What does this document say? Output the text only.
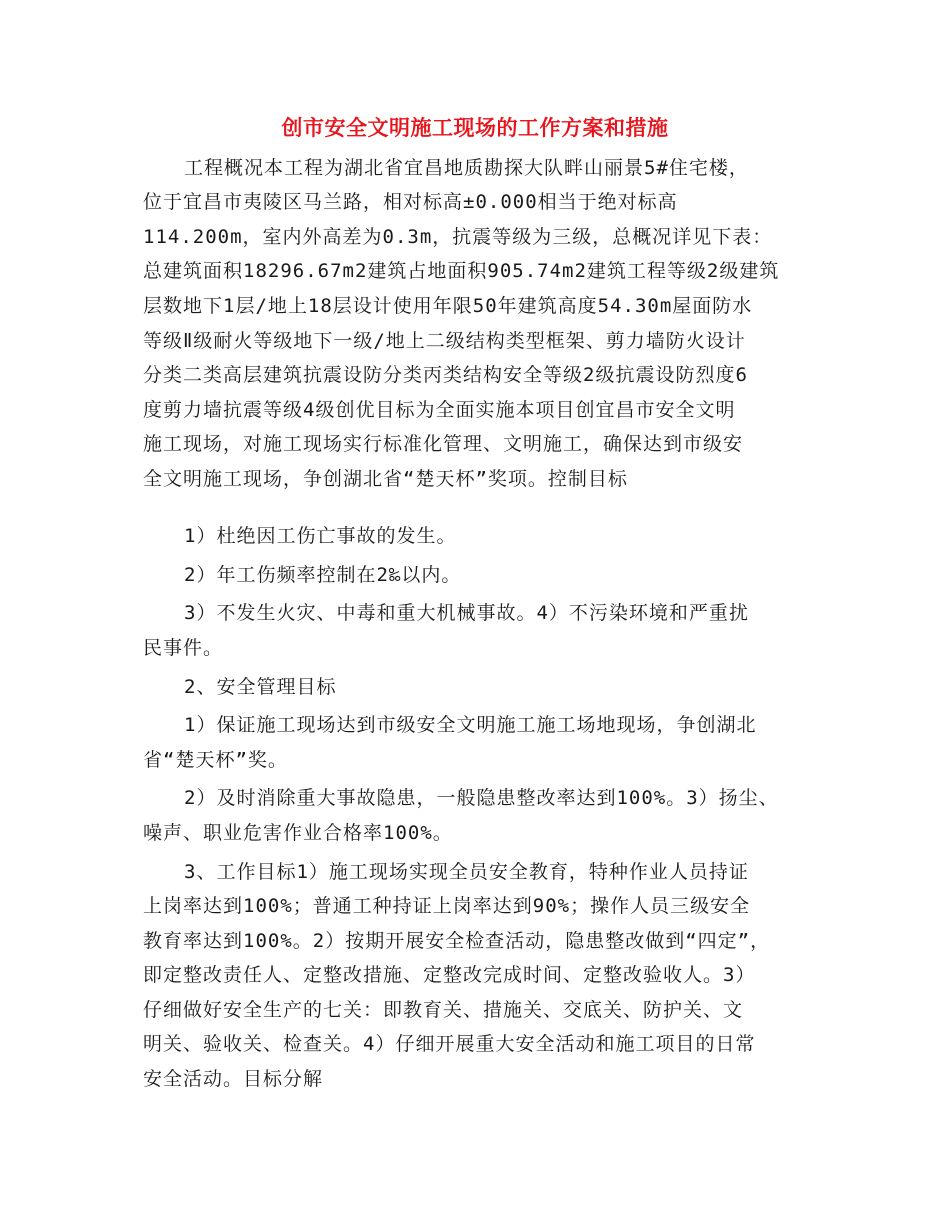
创市安全文明施工现场的工作方案和措施
工程概况本工程为湖北省宜昌地质勘探大队畔山丽景5#住宅楼，
位于宜昌市夷陵区马兰路，相对标高±0.000相当于绝对标高
114.200m，室内外高差为0.3m，抗震等级为三级，总概况详见下表：
总建筑面积18296.67m2建筑占地面积905.74m2建筑工程等级2级建筑
层数地下1层/地上18层设计使用年限50年建筑高度54.30m屋面防水
等级Ⅱ级耐火等级地下一级/地上二级结构类型框架、剪力墙防火设计
分类二类高层建筑抗震设防分类丙类结构安全等级2级抗震设防烈度6
度剪力墙抗震等级4级创优目标为全面实施本项目创宜昌市安全文明
施工现场，对施工现场实行标准化管理、文明施工，确保达到市级安
全文明施工现场，争创湖北省“楚天杯”奖项。控制目标
1）杜绝因工伤亡事故的发生。
2）年工伤频率控制在2‰以内。
3）不发生火灾、中毒和重大机械事故。4）不污染环境和严重扰
民事件。
2、安全管理目标
1）保证施工现场达到市级安全文明施工施工场地现场，争创湖北
省“楚天杯”奖。
2）及时消除重大事故隐患，一般隐患整改率达到100%。3）扬尘、
噪声、职业危害作业合格率100%。
3、工作目标1）施工现场实现全员安全教育，特种作业人员持证
上岗率达到100%；普通工种持证上岗率达到90%；操作人员三级安全
教育率达到100%。2）按期开展安全检查活动，隐患整改做到“四定”，
即定整改责任人、定整改措施、定整改完成时间、定整改验收人。3）
仔细做好安全生产的七关：即教育关、措施关、交底关、防护关、文
明关、验收关、检查关。4）仔细开展重大安全活动和施工项目的日常
安全活动。目标分解
